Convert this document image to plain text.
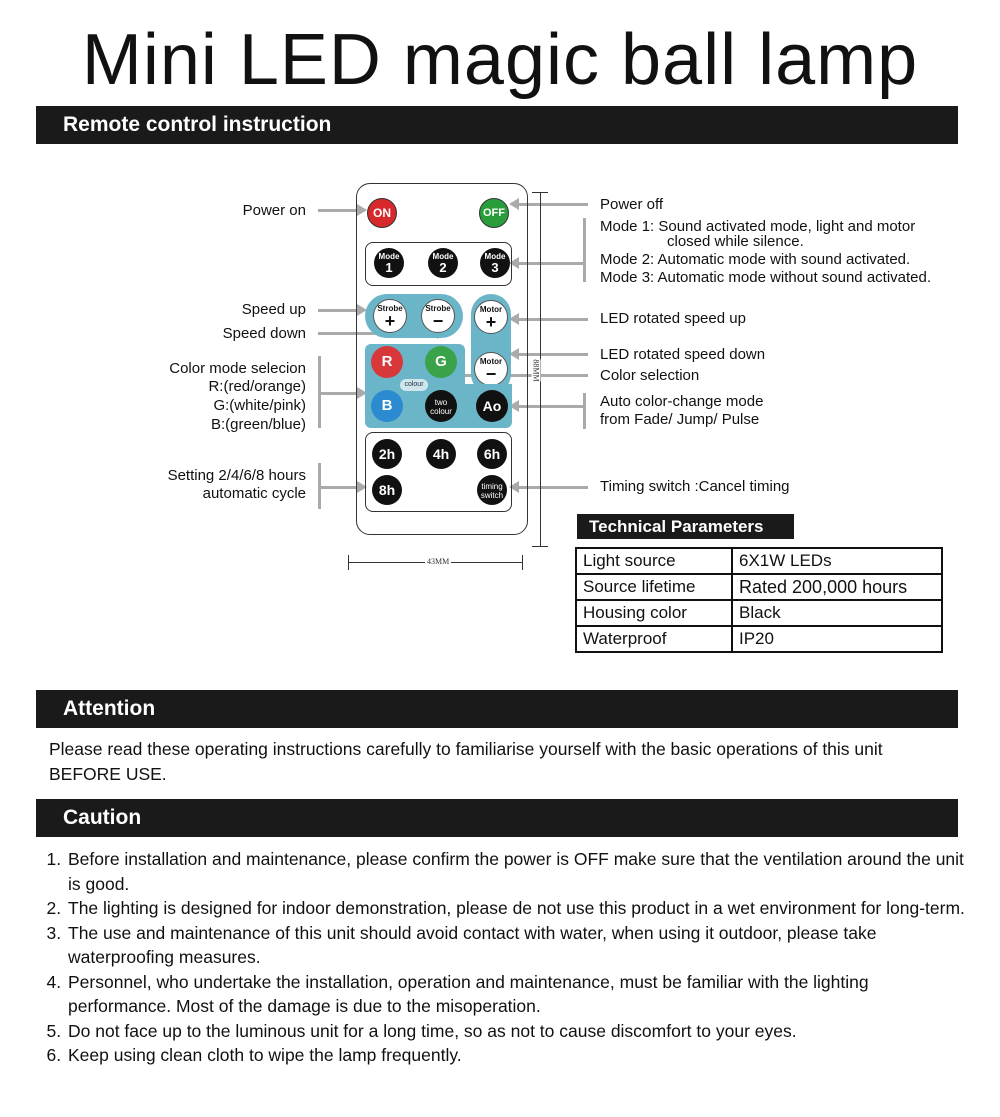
Mini LED magic ball lamp
Remote control instruction
Power on
Speed up
Speed down
Color mode selecion
R:(red/orange)
G:(white/pink)
B:(green/blue)
Setting 2/4/6/8 hours
automatic cycle
Power off
Mode 1: Sound activated mode, light and motor
closed while silence.
Mode 2: Automatic mode with sound activated.
Mode 3: Automatic mode without sound activated.
LED rotated speed up
LED rotated speed down
Color selection
Auto color-change mode
from Fade/ Jump/ Pulse
Timing switch :Cancel timing
ON	OFF
Mode
1
Mode
2
Mode
3
Strobe
+
Strobe
−
Motor
+
Motor
−
R	G
colour
B	two
colour	Ao
2h	4h	6h
8h	timing
switch
88MM
43MM
Technical Parameters
Light source	6X1W LEDs
Source lifetime	Rated 200,000 hours
Housing color	Black
Waterproof	IP20
Attention
Please read these operating instructions carefully to familiarise yourself with the basic operations of this unit BEFORE USE.
Caution
1. Before installation and maintenance, please confirm the power is OFF make sure that the ventilation around the unit is good.
2. The lighting is designed for indoor demonstration, please de not use this product in a wet environment for long-term.
3. The use and maintenance of this unit should avoid contact with water, when using it outdoor, please take waterproofing measures.
4. Personnel, who undertake the installation, operation and maintenance, must be familiar with the lighting performance. Most of the damage is due to the misoperation.
5. Do not face up to the luminous unit for a long time, so as not to cause discomfort to your eyes.
6. Keep using clean cloth to wipe the lamp frequently.
